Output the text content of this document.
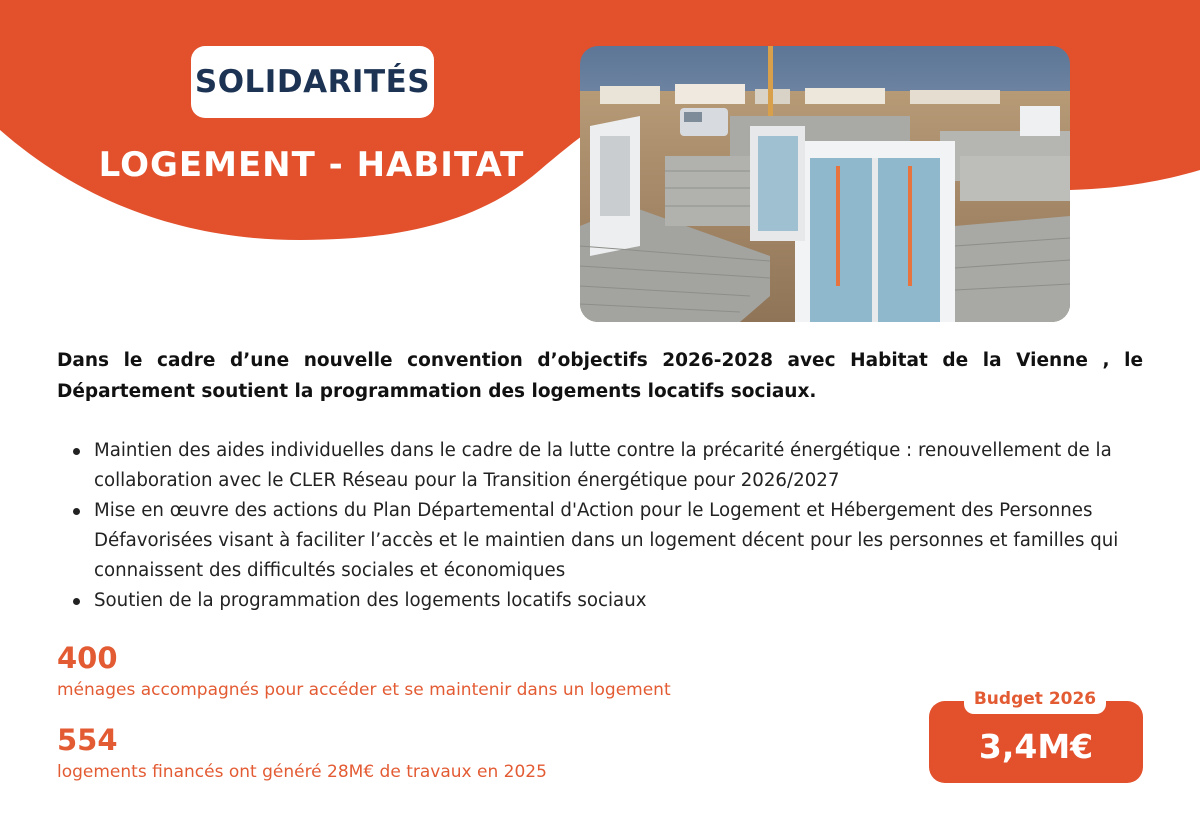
SOLIDARITÉS
LOGEMENT - HABITAT

Dans le cadre d’une nouvelle convention d’objectifs 2026-2028 avec Habitat de la Vienne , le Département soutient la programmation des logements locatifs sociaux.

Maintien des aides individuelles dans le cadre de la lutte contre la précarité énergétique : renouvellement de la collaboration avec le CLER Réseau pour la Transition énergétique pour 2026/2027
Mise en œuvre des actions du Plan Départemental d'Action pour le Logement et Hébergement des Personnes Défavorisées visant à faciliter l’accès et le maintien dans un logement décent pour les personnes et familles qui connaissent des difficultés sociales et économiques
Soutien de la programmation des logements locatifs sociaux
400
ménages accompagnés pour accéder et se maintenir dans un logement
554
logements financés ont généré 28M€ de travaux en 2025
3,4M€
Budget 2026
